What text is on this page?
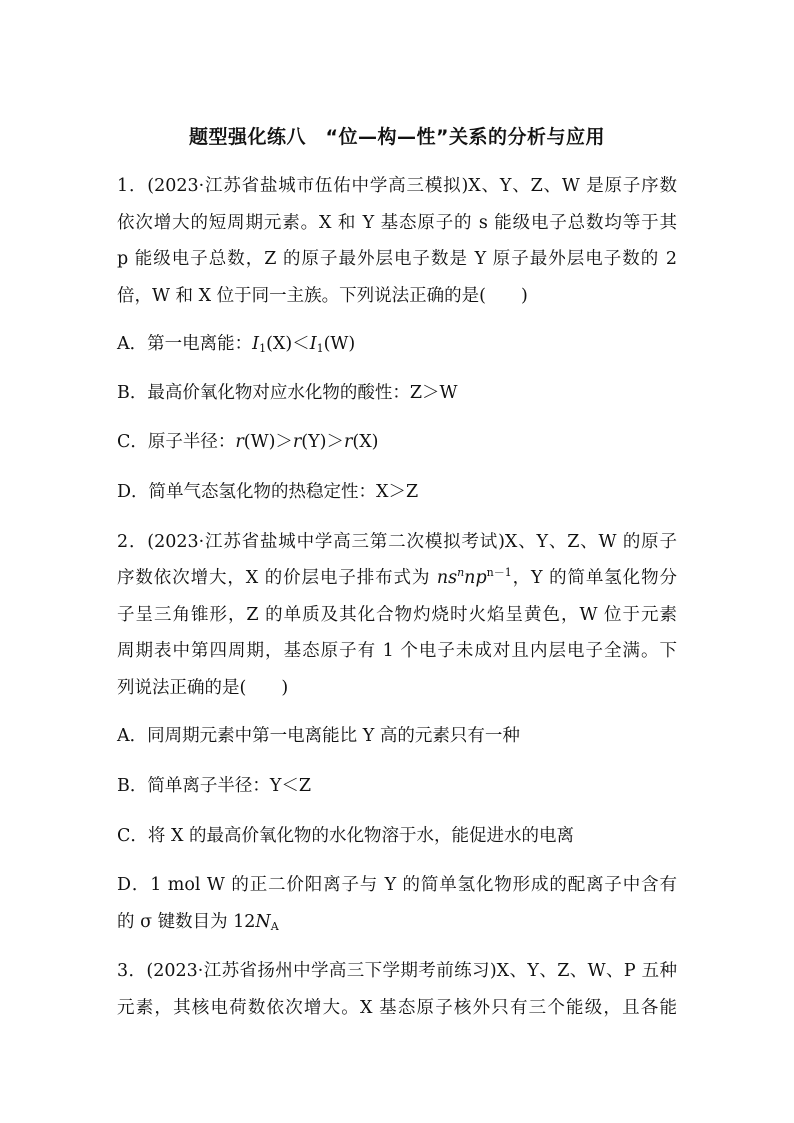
题型强化练八　“位—构—性”关系的分析与应用
1．(2023·江苏省盐城市伍佑中学高三模拟)X、Y、Z、W 是原子序数
依次增大的短周期元素。X 和 Y 基态原子的 s 能级电子总数均等于其
p 能级电子总数，Z 的原子最外层电子数是 Y 原子最外层电子数的 2
倍，W 和 X 位于同一主族。下列说法正确的是(　　)
A．第一电离能：$I_1(X)<I_1(W)$
B．最高价氧化物对应水化物的酸性：Z＞W
C．原子半径：r(W)＞r(Y)＞r(X)
D．简单气态氢化物的热稳定性：X＞Z
2．(2023·江苏省盐城中学高三第二次模拟考试)X、Y、Z、W 的原子
序数依次增大，X 的价层电子排布式为 $ns^nnp^{n-1}$，Y 的简单氢化物分
子呈三角锥形，Z 的单质及其化合物灼烧时火焰呈黄色，W 位于元素
周期表中第四周期，基态原子有 1 个电子未成对且内层电子全满。下
列说法正确的是(　　)
A．同周期元素中第一电离能比 Y 高的元素只有一种
B．简单离子半径：Y＜Z
C．将 X 的最高价氧化物的水化物溶于水，能促进水的电离
D．1 mol W 的正二价阳离子与 Y 的简单氢化物形成的配离子中含有
的 σ 键数目为 $12N_A$
3．(2023·江苏省扬州中学高三下学期考前练习)X、Y、Z、W、P 五种
元素，其核电荷数依次增大。X 基态原子核外只有三个能级，且各能
